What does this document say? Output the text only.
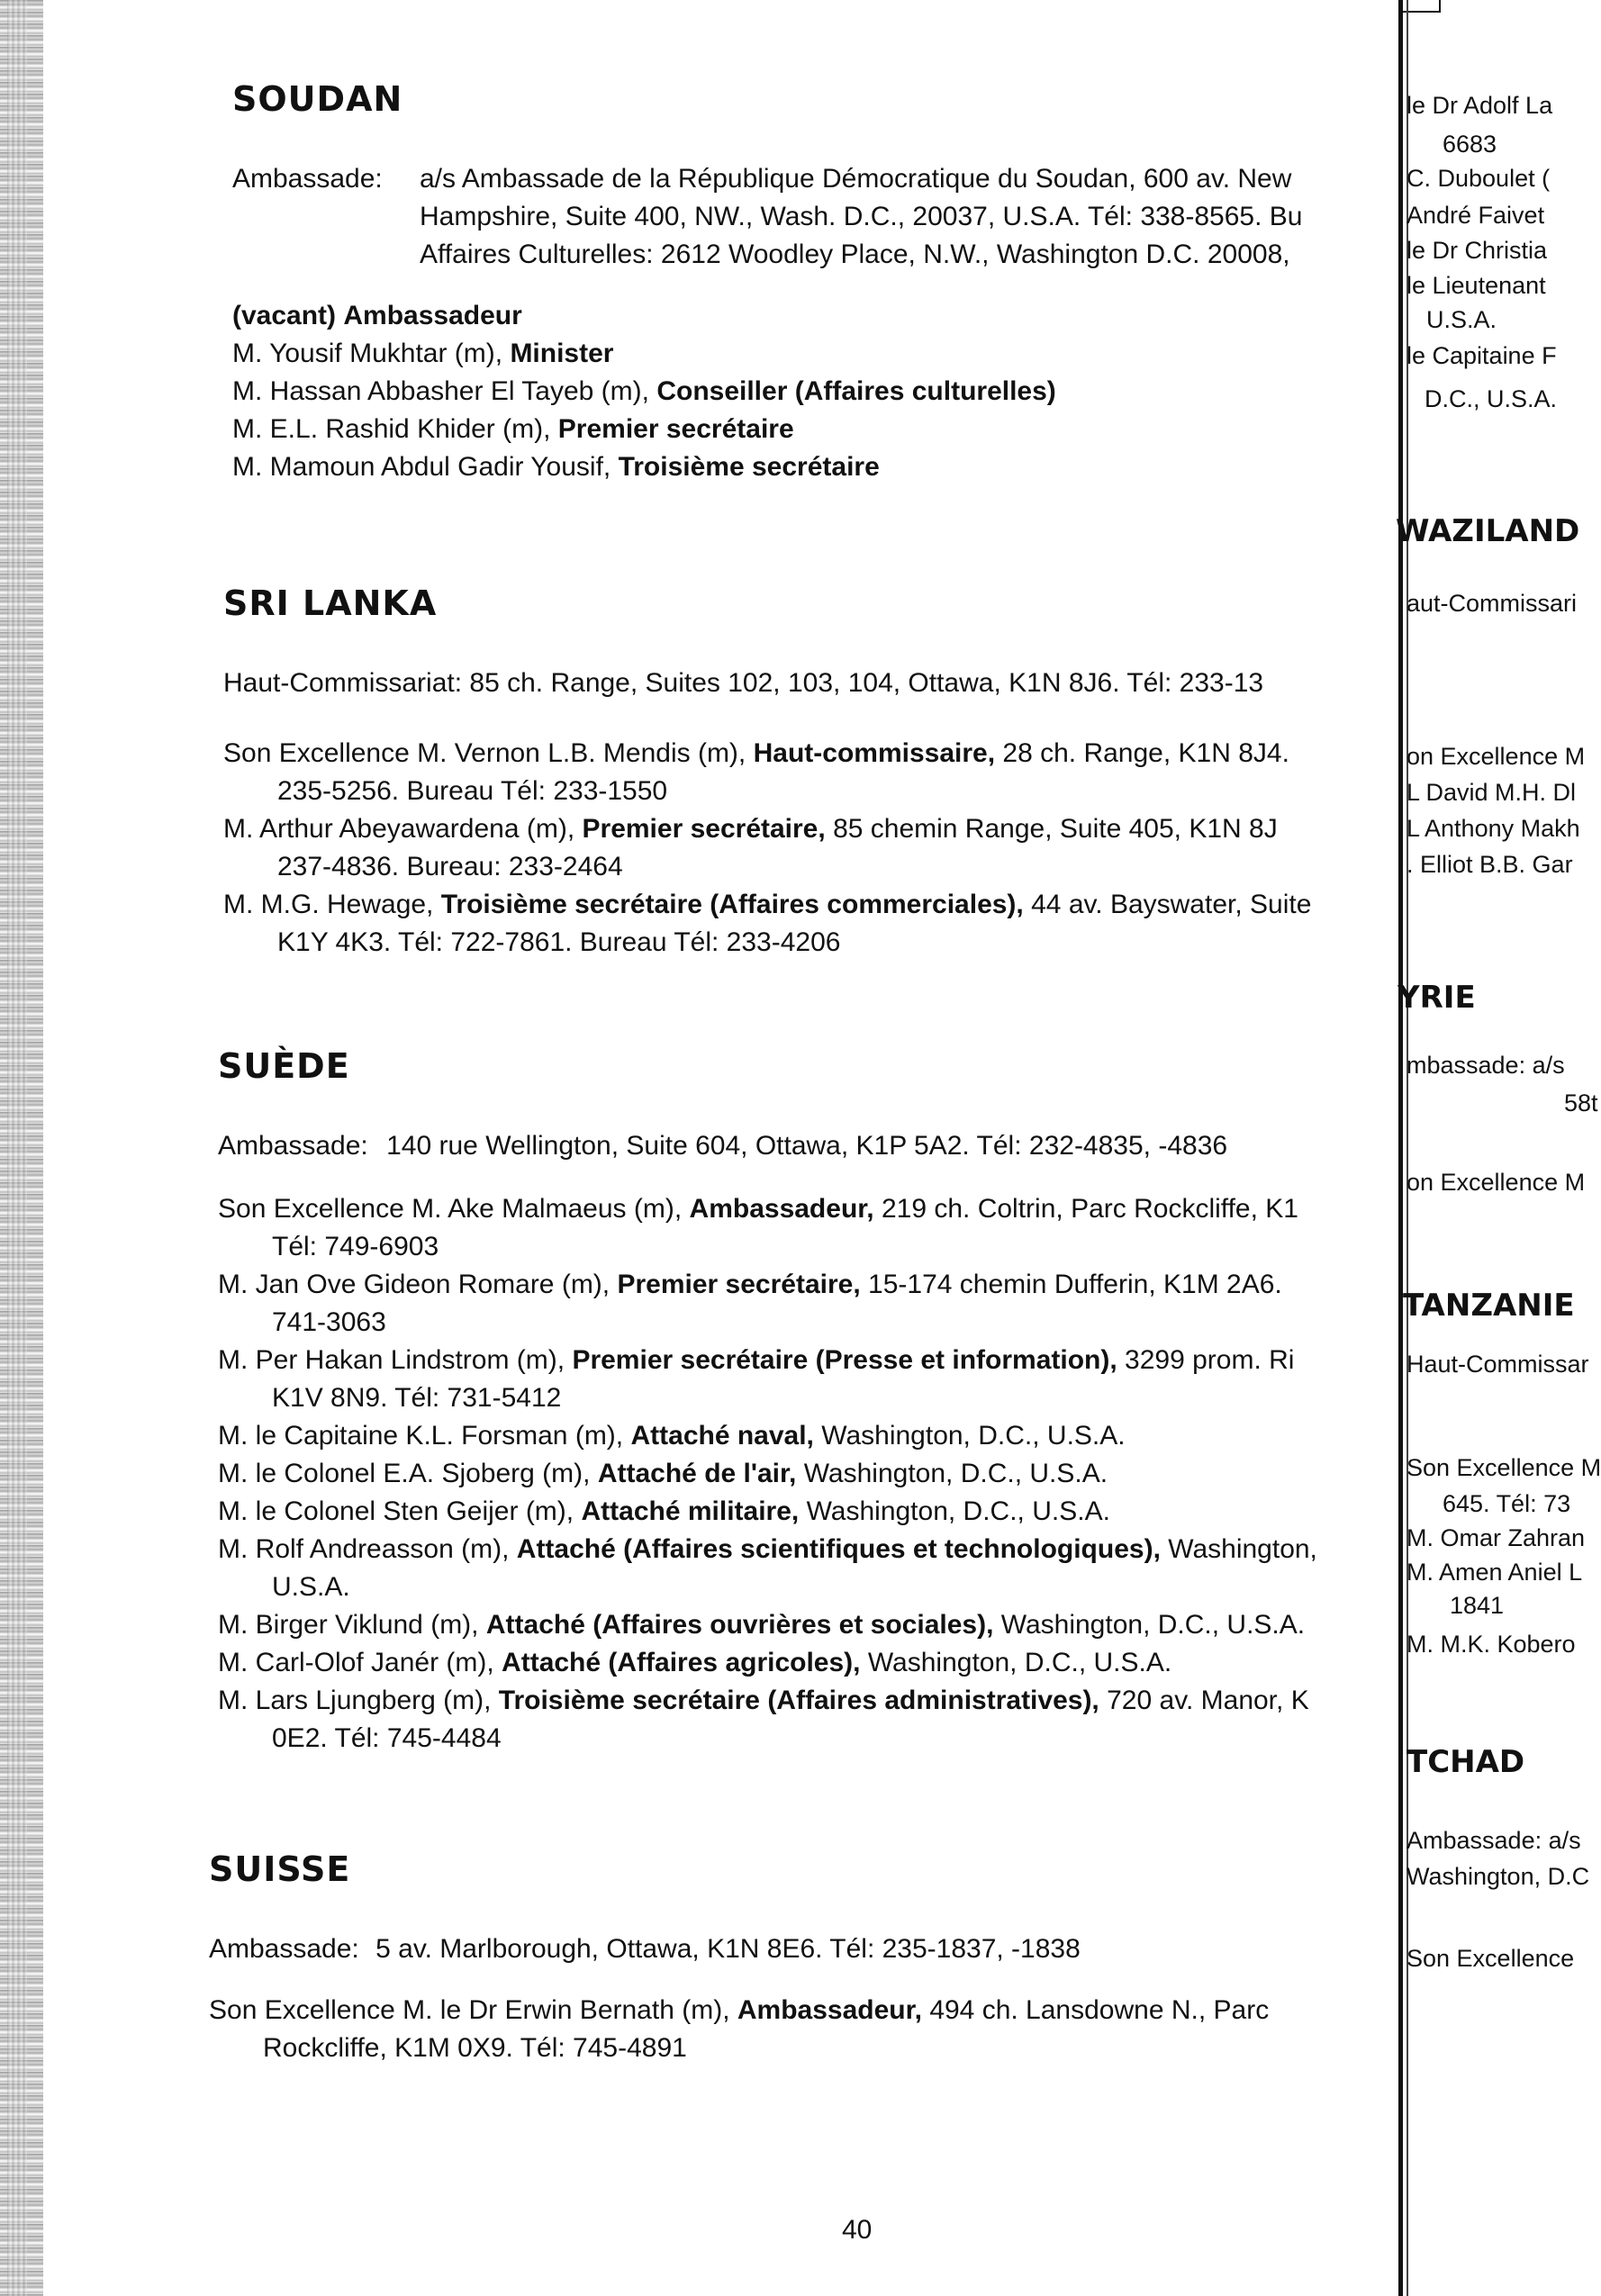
SOUDAN
Ambassade: a/s Ambassade de la République Démocratique du Soudan, 600 av. New
Hampshire, Suite 400, NW., Wash. D.C., 20037, U.S.A. Tél: 338-8565. Bu
Affaires Culturelles: 2612 Woodley Place, N.W., Washington D.C. 20008,
(vacant) Ambassadeur
M. Yousif Mukhtar (m), Minister
M. Hassan Abbasher El Tayeb (m), Conseiller (Affaires culturelles)
M. E.L. Rashid Khider (m), Premier secrétaire
M. Mamoun Abdul Gadir Yousif, Troisième secrétaire
SRI LANKA
Haut-Commissariat: 85 ch. Range, Suites 102, 103, 104, Ottawa, K1N 8J6. Tél: 233-13
Son Excellence M. Vernon L.B. Mendis (m), Haut-commissaire, 28 ch. Range, K1N 8J4.
235-5256. Bureau Tél: 233-1550
M. Arthur Abeyawardena (m), Premier secrétaire, 85 chemin Range, Suite 405, K1N 8J
237-4836. Bureau: 233-2464
M. M.G. Hewage, Troisième secrétaire (Affaires commerciales), 44 av. Bayswater, Suite
K1Y 4K3. Tél: 722-7861. Bureau Tél: 233-4206
SUÈDE
Ambassade: 140 rue Wellington, Suite 604, Ottawa, K1P 5A2. Tél: 232-4835, -4836
Son Excellence M. Ake Malmaeus (m), Ambassadeur, 219 ch. Coltrin, Parc Rockcliffe, K1
Tél: 749-6903
M. Jan Ove Gideon Romare (m), Premier secrétaire, 15-174 chemin Dufferin, K1M 2A6.
741-3063
M. Per Hakan Lindstrom (m), Premier secrétaire (Presse et information), 3299 prom. Ri
K1V 8N9. Tél: 731-5412
M. le Capitaine K.L. Forsman (m), Attaché naval, Washington, D.C., U.S.A.
M. le Colonel E.A. Sjoberg (m), Attaché de l'air, Washington, D.C., U.S.A.
M. le Colonel Sten Geijer (m), Attaché militaire, Washington, D.C., U.S.A.
M. Rolf Andreasson (m), Attaché (Affaires scientifiques et technologiques), Washington,
U.S.A.
M. Birger Viklund (m), Attaché (Affaires ouvrières et sociales), Washington, D.C., U.S.A.
M. Carl-Olof Janér (m), Attaché (Affaires agricoles), Washington, D.C., U.S.A.
M. Lars Ljungberg (m), Troisième secrétaire (Affaires administratives), 720 av. Manor, K
0E2. Tél: 745-4484
SUISSE
Ambassade: 5 av. Marlborough, Ottawa, K1N 8E6. Tél: 235-1837, -1838
Son Excellence M. le Dr Erwin Bernath (m), Ambassadeur, 494 ch. Lansdowne N., Parc
Rockcliffe, K1M 0X9. Tél: 745-4891
40
le Dr Adolf La
6683
C. Duboulet (
André Faivet
le Dr Christia
le Lieutenant
U.S.A.
le Capitaine F
D.C., U.S.A.
WAZILAND
aut-Commissari
on Excellence M
L David M.H. Dl
L Anthony Makh
. Elliot B.B. Gar
YRIE
mbassade: a/s
58t
on Excellence M
TANZANIE
Haut-Commissar
Son Excellence M
645. Tél: 73
M. Omar Zahran
M. Amen Aniel L
1841
M. M.K. Kobero
TCHAD
Ambassade: a/s
Washington, D.C
Son Excellence
